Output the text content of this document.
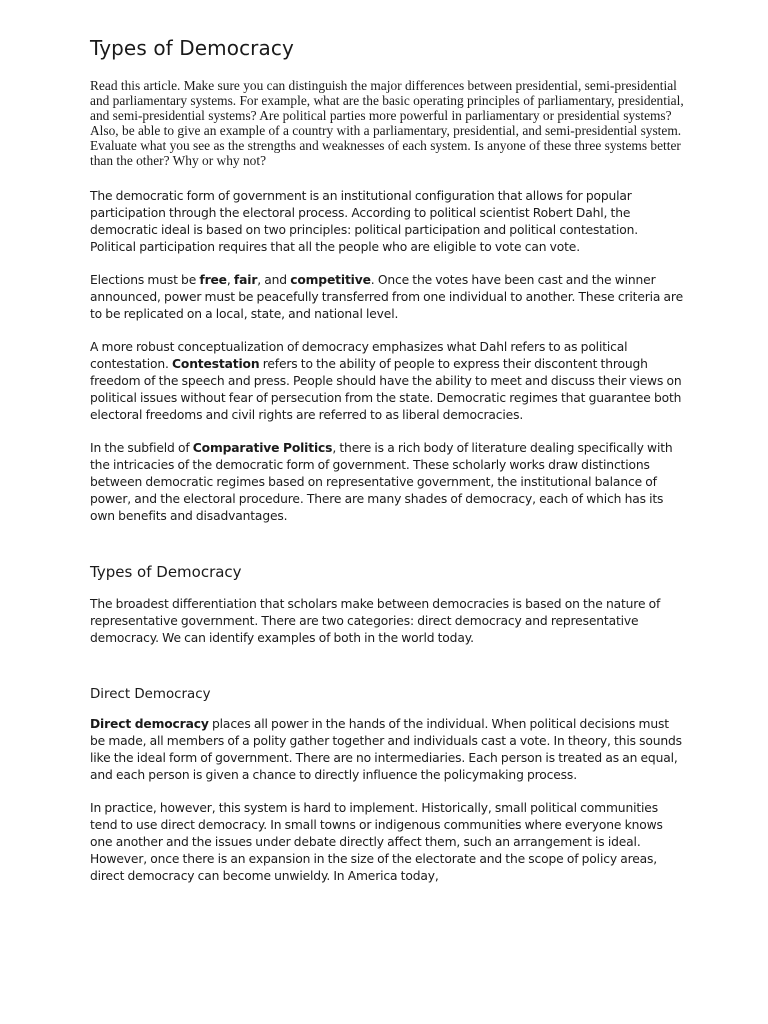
Types of Democracy

Read this article. Make sure you can distinguish the major differences between presidential, semi-presidential and parliamentary systems. For example, what are the basic operating principles of parliamentary, presidential, and semi-presidential systems? Are political parties more powerful in parliamentary or presidential systems? Also, be able to give an example of a country with a parliamentary, presidential, and semi-presidential system. Evaluate what you see as the strengths and weaknesses of each system. Is anyone of these three systems better than the other? Why or why not?

The democratic form of government is an institutional configuration that allows for popular participation through the electoral process. According to political scientist Robert Dahl, the democratic ideal is based on two principles: political participation and political contestation. Political participation requires that all the people who are eligible to vote can vote.

Elections must be free, fair, and competitive. Once the votes have been cast and the winner announced, power must be peacefully transferred from one individual to another. These criteria are to be replicated on a local, state, and national level.

A more robust conceptualization of democracy emphasizes what Dahl refers to as political contestation. Contestation refers to the ability of people to express their discontent through freedom of the speech and press. People should have the ability to meet and discuss their views on political issues without fear of persecution from the state. Democratic regimes that guarantee both electoral freedoms and civil rights are referred to as liberal democracies.

In the subfield of Comparative Politics, there is a rich body of literature dealing specifically with the intricacies of the democratic form of government. These scholarly works draw distinctions between democratic regimes based on representative government, the institutional balance of power, and the electoral procedure. There are many shades of democracy, each of which has its own benefits and disadvantages.

Types of Democracy

The broadest differentiation that scholars make between democracies is based on the nature of representative government. There are two categories: direct democracy and representative democracy. We can identify examples of both in the world today.

Direct Democracy

Direct democracy places all power in the hands of the individual. When political decisions must be made, all members of a polity gather together and individuals cast a vote. In theory, this sounds like the ideal form of government. There are no intermediaries. Each person is treated as an equal, and each person is given a chance to directly influence the policymaking process.

In practice, however, this system is hard to implement. Historically, small political communities tend to use direct democracy. In small towns or indigenous communities where everyone knows one another and the issues under debate directly affect them, such an arrangement is ideal. However, once there is an expansion in the size of the electorate and the scope of policy areas, direct democracy can become unwieldy. In America today,
